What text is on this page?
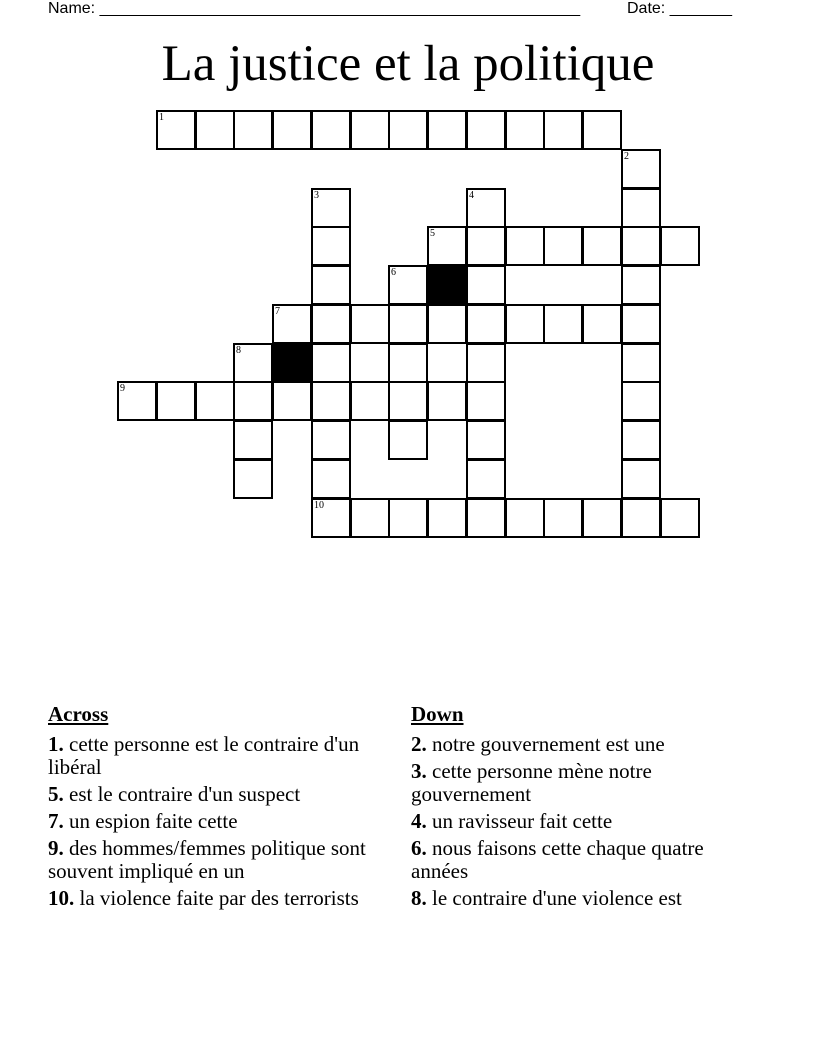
Name: ______________________________________________________	Date: _______
La justice et la politique
1
5
7
9
10
2
3	4
6
8
Across
1. cette personne est le contraire d'un libéral
5. est le contraire d'un suspect
7. un espion faite cette
9. des hommes/femmes politique sont souvent impliqué en un
10. la violence faite par des terrorists
Down
2. notre gouvernement est une
3. cette personne mène notre gouvernement
4. un ravisseur fait cette
6. nous faisons cette chaque quatre années
8. le contraire d'une violence est
